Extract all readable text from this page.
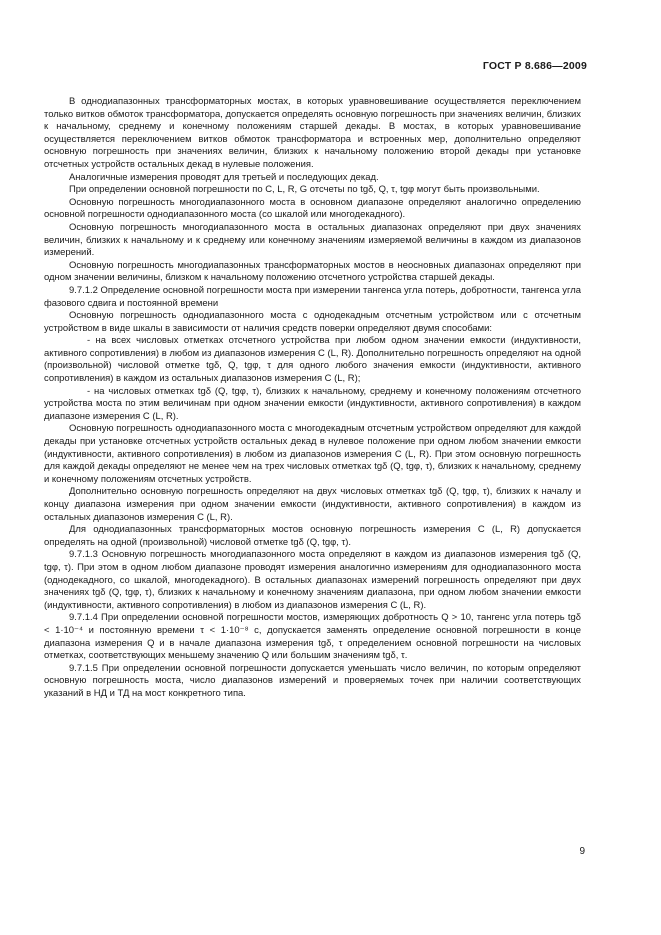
ГОСТ Р 8.686—2009

В однодиапазонных трансформаторных мостах, в которых уравновешивание осуществляется переключением только витков обмоток трансформатора, допускается определять основную погрешность при значениях величин, близких к начальному, среднему и конечному положениям старшей декады. В мостах, в которых уравновешивание осуществляется переключением витков обмоток трансформатора и встроенных мер, дополнительно определяют основную погрешность при значениях величин, близких к начальному положению второй декады при установке отсчетных устройств остальных декад в нулевые положения.

Аналогичные измерения проводят для третьей и последующих декад.

При определении основной погрешности по C, L, R, G отсчеты по tgδ, Q, τ, tgφ могут быть произвольными.

Основную погрешность многодиапазонного моста в основном диапазоне определяют аналогично определению основной погрешности однодиапазонного моста (со шкалой или многодекадного).

Основную погрешность многодиапазонного моста в остальных диапазонах определяют при двух значениях величин, близких к начальному и к среднему или конечному значениям измеряемой величины в каждом из диапазонов измерений.

Основную погрешность многодиапазонных трансформаторных мостов в неосновных диапазонах определяют при одном значении величины, близком к начальному положению отсчетного устройства старшей декады.

9.7.1.2 Определение основной погрешности моста при измерении тангенса угла потерь, добротности, тангенса угла фазового сдвига и постоянной времени

Основную погрешность однодиапазонного моста с однодекадным отсчетным устройством или с отсчетным устройством в виде шкалы в зависимости от наличия средств поверки определяют двумя способами:

- на всех числовых отметках отсчетного устройства при любом одном значении емкости (индуктивности, активного сопротивления) в любом из диапазонов измерения C (L, R). Дополнительно погрешность определяют на одной (произвольной) числовой отметке tgδ, Q, tgφ, τ для одного любого значения емкости (индуктивности, активного сопротивления) в каждом из остальных диапазонов измерения C (L, R);

- на числовых отметках tgδ (Q, tgφ, τ), близких к начальному, среднему и конечному положениям отсчетного устройства моста по этим величинам при одном значении емкости (индуктивности, активного сопротивления) в каждом диапазоне измерения C (L, R).

Основную погрешность однодиапазонного моста с многодекадным отсчетным устройством определяют для каждой декады при установке отсчетных устройств остальных декад в нулевое положение при одном любом значении емкости (индуктивности, активного сопротивления) в любом из диапазонов измерения C (L, R). При этом основную погрешность для каждой декады определяют не менее чем на трех числовых отметках tgδ (Q, tgφ, τ), близких к начальному, среднему и конечному положениям отсчетных устройств.

Дополнительно основную погрешность определяют на двух числовых отметках tgδ (Q, tgφ, τ), близких к началу и концу диапазона измерения при одном значении емкости (индуктивности, активного сопротивления) в каждом из остальных диапазонов измерения C (L, R).

Для однодиапазонных трансформаторных мостов основную погрешность измерения C (L, R) допускается определять на одной (произвольной) числовой отметке tgδ (Q, tgφ, τ).

9.7.1.3 Основную погрешность многодиапазонного моста определяют в каждом из диапазонов измерения tgδ (Q, tgφ, τ). При этом в одном любом диапазоне проводят измерения аналогично измерениям для однодиапазонного моста (однодекадного, со шкалой, многодекадного). В остальных диапазонах измерений погрешность определяют при двух значениях tgδ (Q, tgφ, τ), близких к начальному и конечному значениям диапазона, при одном любом значении емкости (индуктивности, активного сопротивления) в любом из диапазонов измерения C (L, R).

9.7.1.4 При определении основной погрешности мостов, измеряющих добротность Q > 10, тангенс угла потерь tgδ < 1·10⁻⁴ и постоянную времени τ < 1·10⁻⁸ с, допускается заменять определение основной погрешности в конце диапазона измерения Q и в начале диапазона измерения tgδ, τ определением основной погрешности на числовых отметках, соответствующих меньшему значению Q или большим значениям tgδ, τ.

9.7.1.5 При определении основной погрешности допускается уменьшать число величин, по которым определяют основную погрешность моста, число диапазонов измерений и проверяемых точек при наличии соответствующих указаний в НД и ТД на мост конкретного типа.

9
